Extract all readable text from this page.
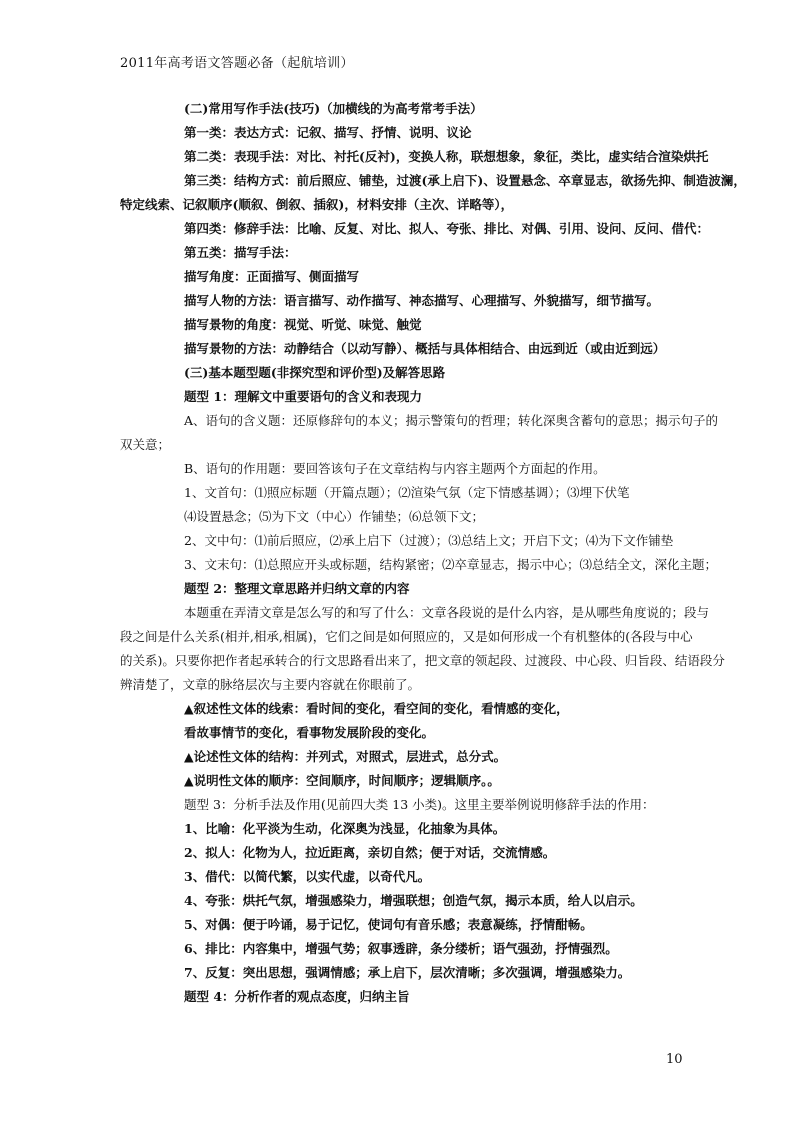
2011年高考语文答题必备（起航培训）
(二)常用写作手法(技巧)（加横线的为高考常考手法）
第一类：表达方式：记叙、描写、抒情、说明、议论
第二类：表现手法：对比、衬托(反衬)，变换人称，联想想象，象征，类比，虚实结合渲染烘托
第三类：结构方式：前后照应、铺垫，过渡(承上启下)、设置悬念、卒章显志，欲扬先抑、制造波澜，
特定线索、记叙顺序(顺叙、倒叙、插叙)，材料安排（主次、详略等），
第四类：修辞手法：比喻、反复、对比、拟人、夸张、排比、对偶、引用、设问、反问、借代：
第五类：描写手法：
描写角度：正面描写、侧面描写
描写人物的方法：语言描写、动作描写、神态描写、心理描写、外貌描写，细节描写。
描写景物的角度：视觉、听觉、味觉、触觉
描写景物的方法：动静结合（以动写静）、概括与具体相结合、由远到近（或由近到远）
(三)基本题型题(非探究型和评价型)及解答思路
题型 1：理解文中重要语句的含义和表现力
A、语句的含义题：还原修辞句的本义；揭示警策句的哲理；转化深奥含蓄句的意思；揭示句子的
双关意；
B、语句的作用题：要回答该句子在文章结构与内容主题两个方面起的作用。
1、文首句：⑴照应标题（开篇点题）；⑵渲染气氛（定下情感基调）；⑶埋下伏笔
⑷设置悬念；⑸为下文（中心）作铺垫；⑹总领下文；
2、文中句：⑴前后照应，⑵承上启下（过渡）；⑶总结上文；开启下文；⑷为下文作铺垫
3、文末句：⑴总照应开头或标题，结构紧密；⑵卒章显志，揭示中心；⑶总结全文，深化主题；
题型 2：整理文章思路并归纳文章的内容
本题重在弄清文章是怎么写的和写了什么：文章各段说的是什么内容，是从哪些角度说的；段与
段之间是什么关系(相并,相承,相属)，它们之间是如何照应的，又是如何形成一个有机整体的(各段与中心
的关系)。只要你把作者起承转合的行文思路看出来了，把文章的领起段、过渡段、中心段、归旨段、结语段分
辨清楚了，文章的脉络层次与主要内容就在你眼前了。
▲叙述性文体的线索：看时间的变化，看空间的变化，看情感的变化，
看故事情节的变化，看事物发展阶段的变化。
▲论述性文体的结构：并列式，对照式，层进式，总分式。
▲说明性文体的顺序：空间顺序，时间顺序；逻辑顺序。。
题型 3：分析手法及作用(见前四大类 13 小类)。这里主要举例说明修辞手法的作用：
1、比喻：化平淡为生动，化深奥为浅显，化抽象为具体。
2、拟人：化物为人，拉近距离，亲切自然；便于对话，交流情感。
3、借代：以简代繁，以实代虚，以奇代凡。
4、夸张：烘托气氛，增强感染力，增强联想；创造气氛，揭示本质，给人以启示。
5、对偶：便于吟诵，易于记忆，使词句有音乐感；表意凝练，抒情酣畅。
6、排比：内容集中，增强气势；叙事透辟，条分缕析；语气强劲，抒情强烈。
7、反复：突出思想，强调情感；承上启下，层次清晰；多次强调，增强感染力。
题型 4：分析作者的观点态度，归纳主旨
10
